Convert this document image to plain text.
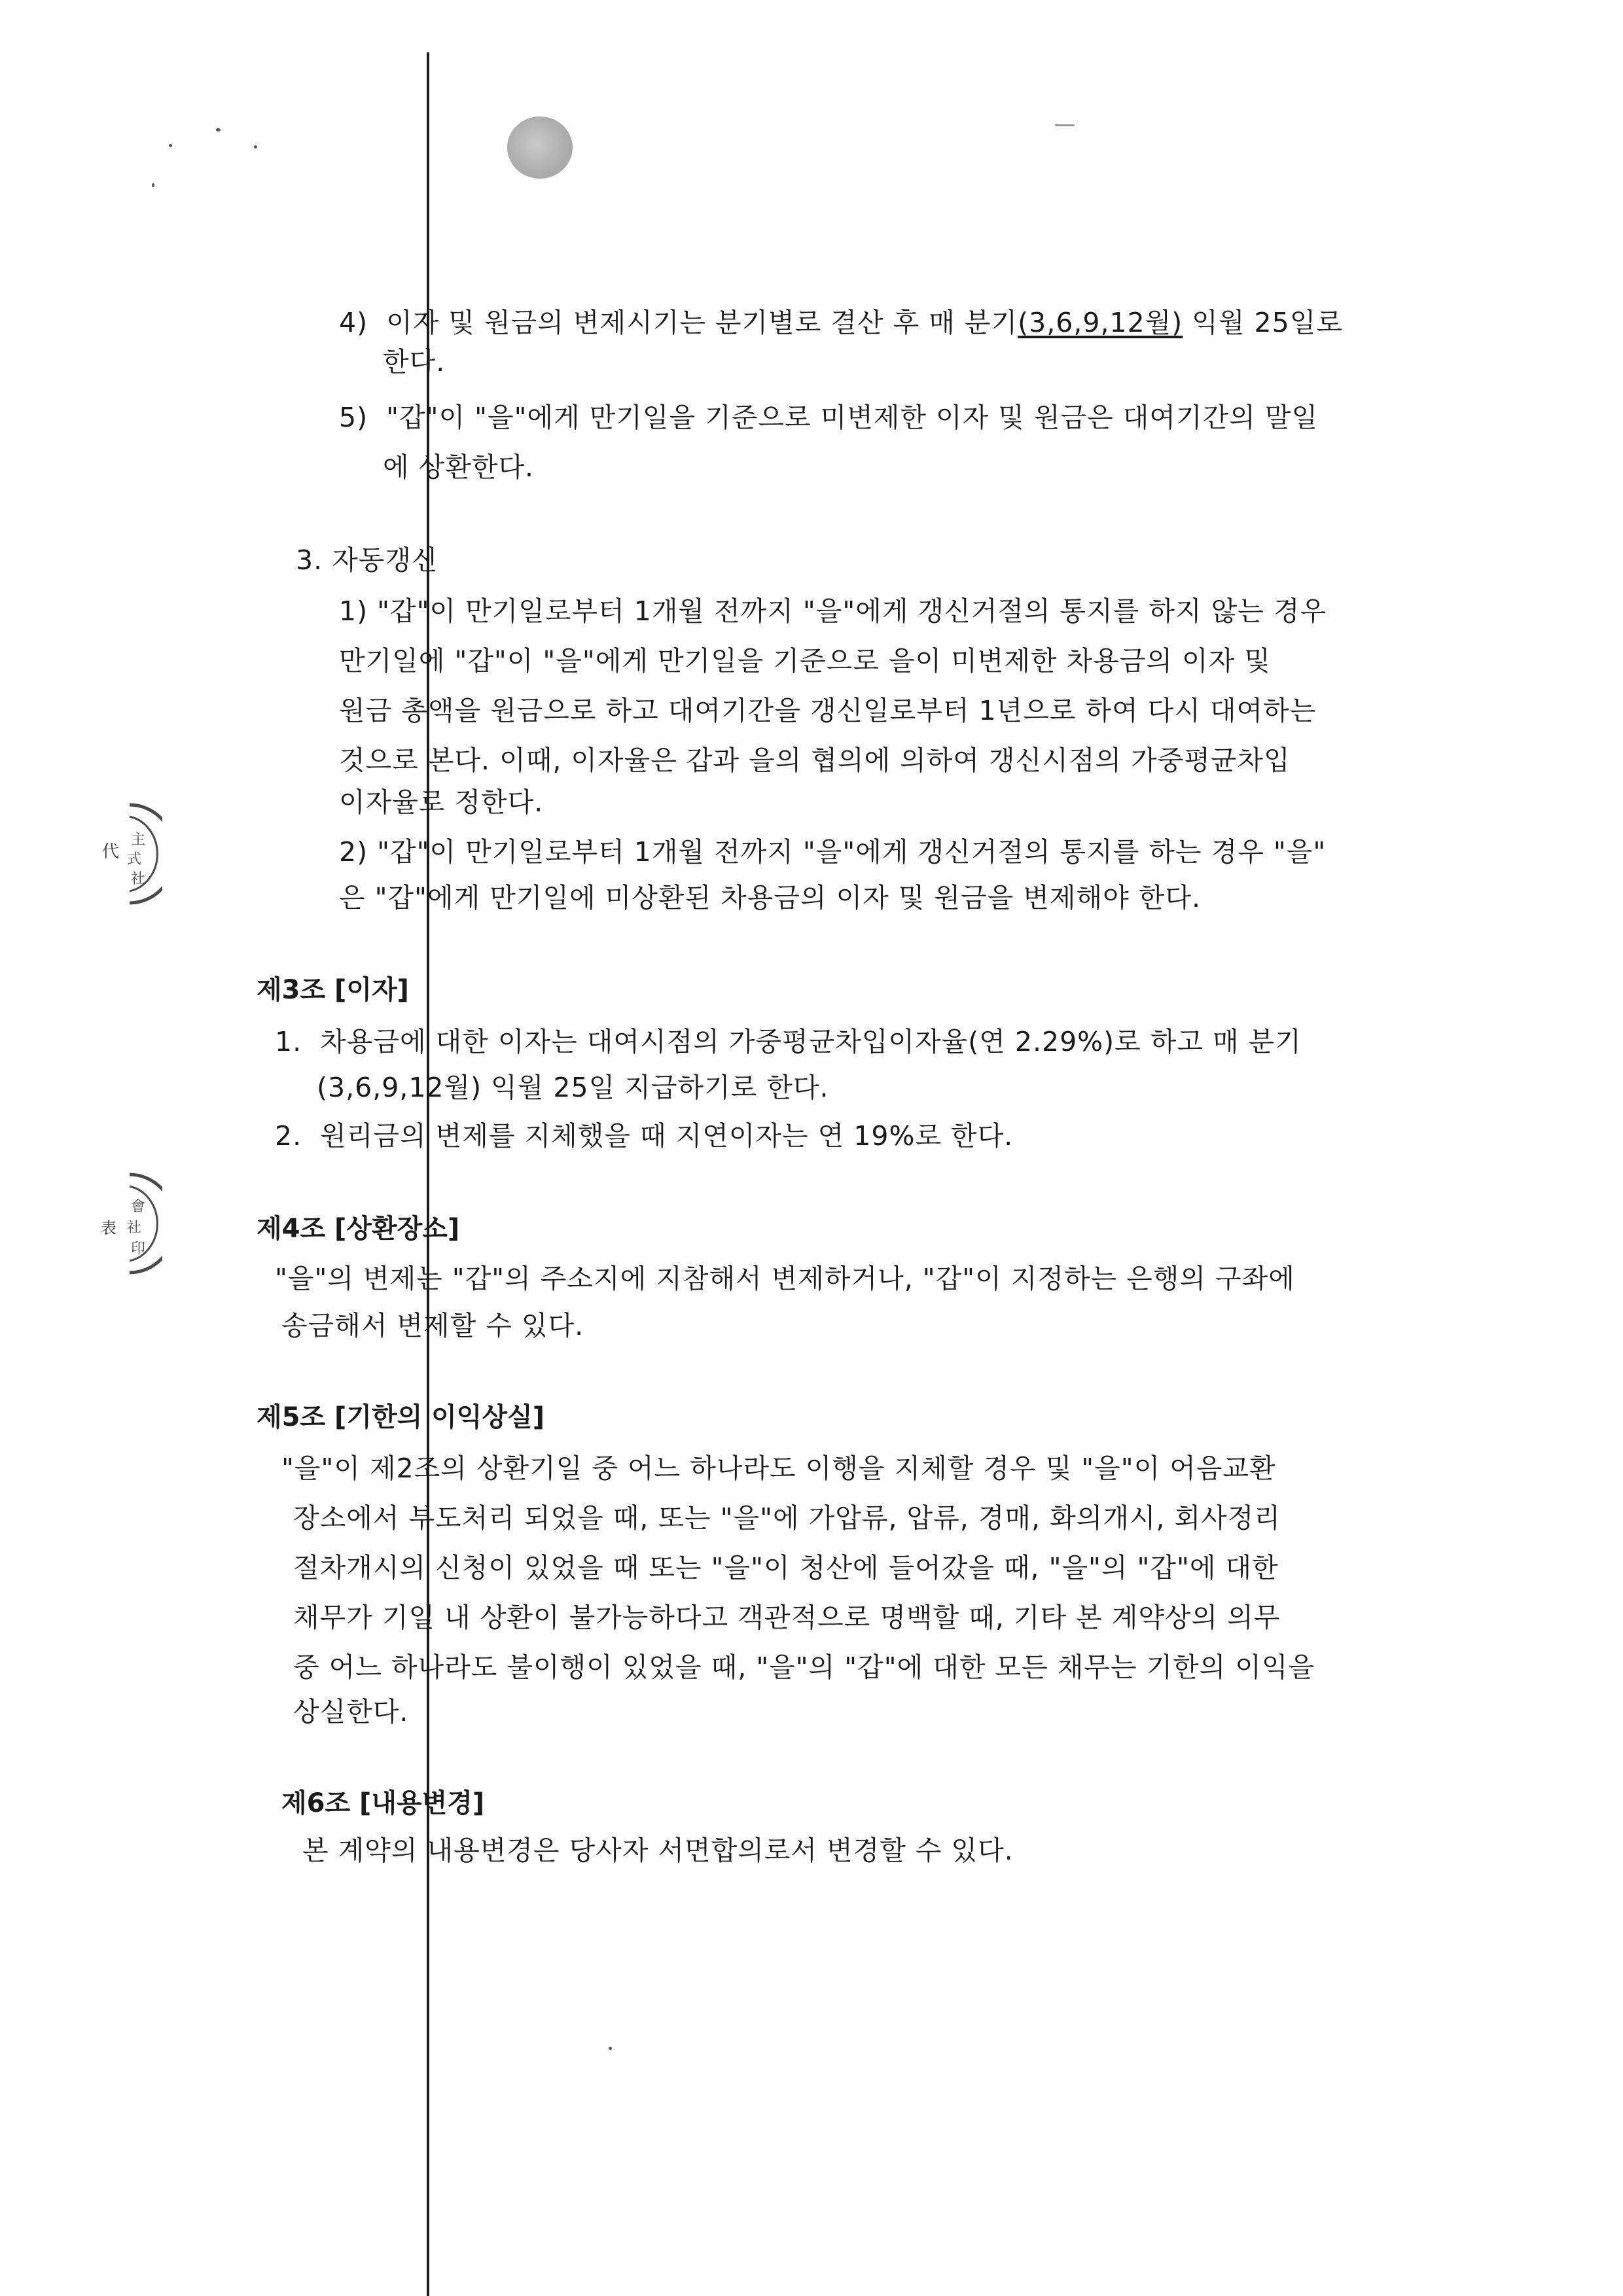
主
式
社
代
會
社
印
表
4)  이자 및 원금의 변제시기는 분기별로 결산 후 매 분기(3,6,9,12월) 익월 25일로
한다.
5)  "갑"이 "을"에게 만기일을 기준으로 미변제한 이자 및 원금은 대여기간의 말일
에 상환한다.
3. 자동갱신
1) "갑"이 만기일로부터 1개월 전까지 "을"에게 갱신거절의 통지를 하지 않는 경우
만기일에 "갑"이 "을"에게 만기일을 기준으로 을이 미변제한 차용금의 이자 및
원금 총액을 원금으로 하고 대여기간을 갱신일로부터 1년으로 하여 다시 대여하는
것으로 본다. 이때, 이자율은 갑과 을의 협의에 의하여 갱신시점의 가중평균차입
이자율로 정한다.
2) "갑"이 만기일로부터 1개월 전까지 "을"에게 갱신거절의 통지를 하는 경우 "을"
은 "갑"에게 만기일에 미상환된 차용금의 이자 및 원금을 변제해야 한다.
제3조 [이자]
1.  차용금에 대한 이자는 대여시점의 가중평균차입이자율(연 2.29%)로 하고 매 분기
(3,6,9,12월) 익월 25일 지급하기로 한다.
2.  원리금의 변제를 지체했을 때 지연이자는 연 19%로 한다.
제4조 [상환장소]
"을"의 변제는 "갑"의 주소지에 지참해서 변제하거나, "갑"이 지정하는 은행의 구좌에
송금해서 변제할 수 있다.
제5조 [기한의 이익상실]
"을"이 제2조의 상환기일 중 어느 하나라도 이행을 지체할 경우 및 "을"이 어음교환
장소에서 부도처리 되었을 때, 또는 "을"에 가압류, 압류, 경매, 화의개시, 회사정리
절차개시의 신청이 있었을 때 또는 "을"이 청산에 들어갔을 때, "을"의 "갑"에 대한
채무가 기일 내 상환이 불가능하다고 객관적으로 명백할 때, 기타 본 계약상의 의무
중 어느 하나라도 불이행이 있었을 때, "을"의 "갑"에 대한 모든 채무는 기한의 이익을
상실한다.
제6조 [내용변경]
본 계약의 내용변경은 당사자 서면합의로서 변경할 수 있다.
